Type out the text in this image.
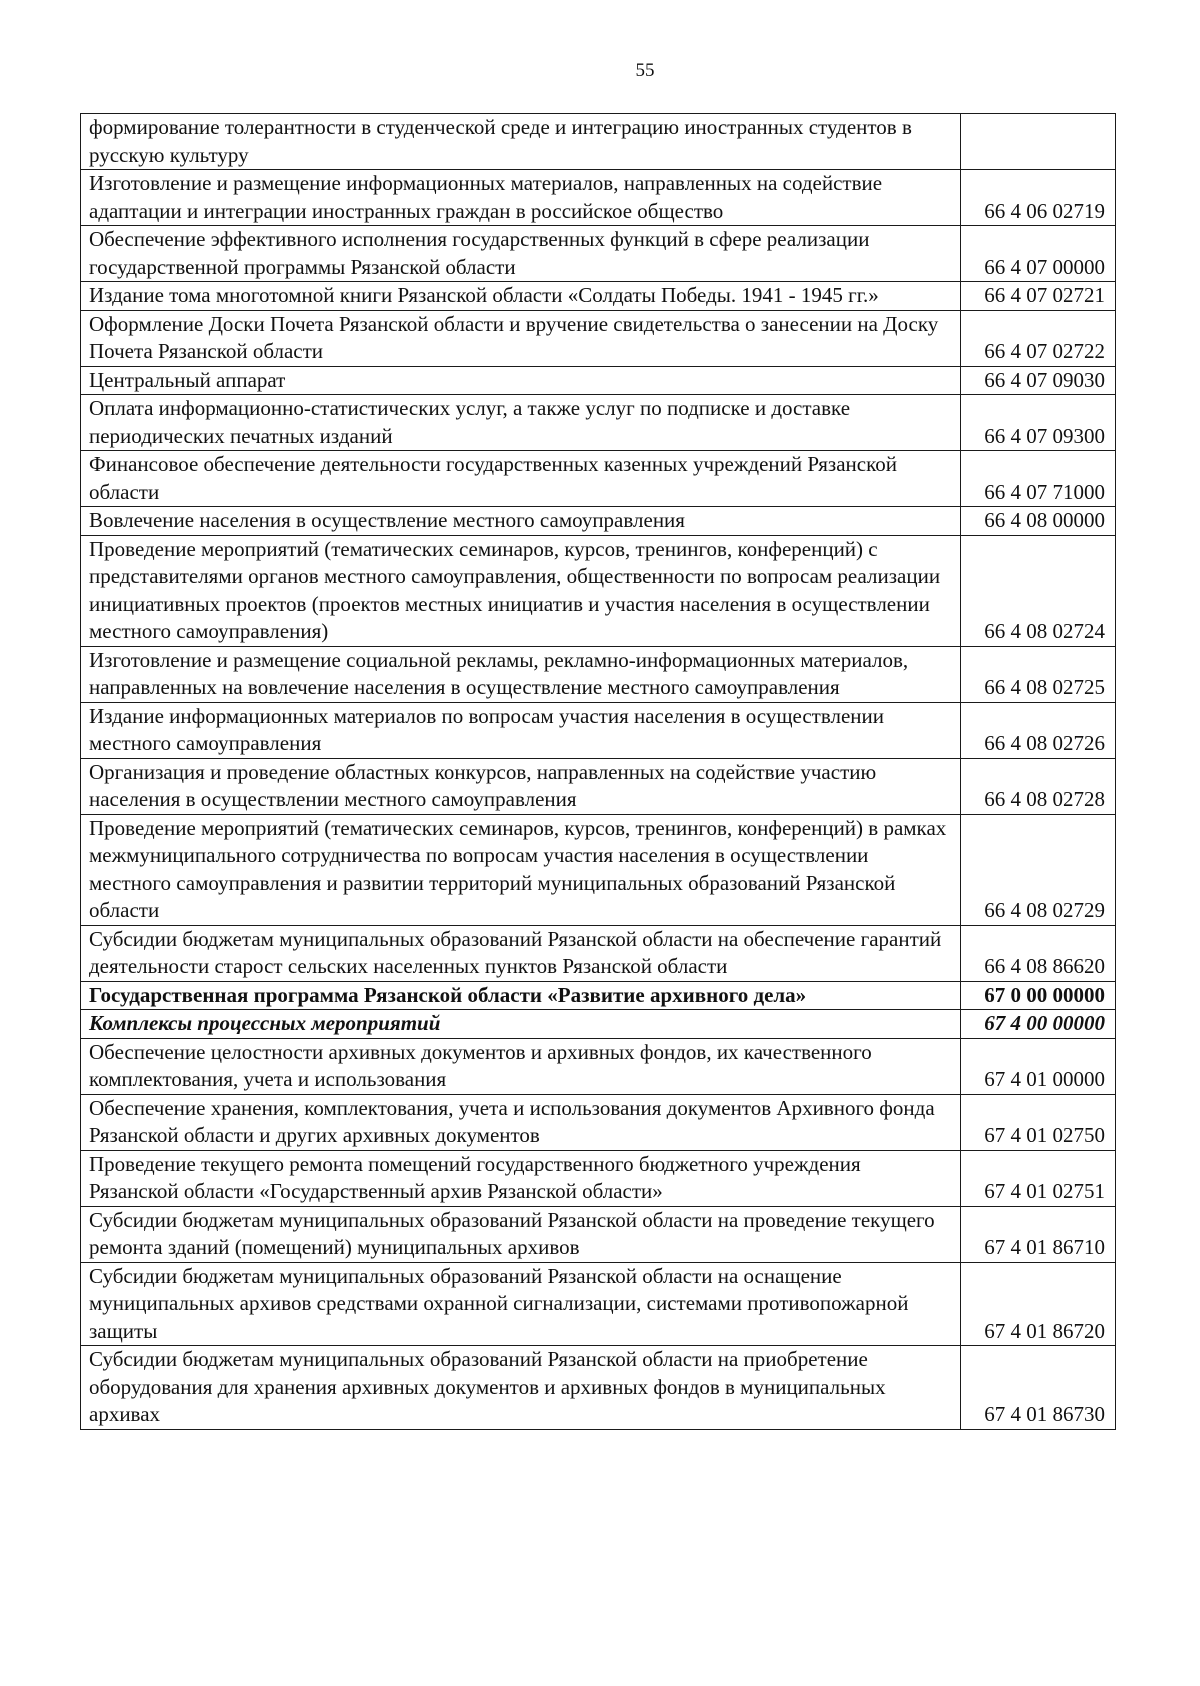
55
формирование толерантности в студенческой среде и интеграцию иностранных студентов в русскую культуру	
Изготовление и размещение информационных материалов, направленных на содействие адаптации и интеграции иностранных граждан в российское общество	66 4 06 02719
Обеспечение эффективного исполнения государственных функций в сфере реализации государственной программы Рязанской области	66 4 07 00000
Издание тома многотомной книги Рязанской области «Солдаты Победы. 1941 - 1945 гг.»	66 4 07 02721
Оформление Доски Почета Рязанской области и вручение свидетельства о занесении на Доску Почета Рязанской области	66 4 07 02722
Центральный аппарат	66 4 07 09030
Оплата информационно-статистических услуг, а также услуг по подписке и доставке периодических печатных изданий	66 4 07 09300
Финансовое обеспечение деятельности государственных казенных учреждений Рязанской области	66 4 07 71000
Вовлечение населения в осуществление местного самоуправления	66 4 08 00000
Проведение мероприятий (тематических семинаров, курсов, тренингов, конференций) с представителями органов местного самоуправления, общественности по вопросам реализации инициативных проектов (проектов местных инициатив и участия населения в осуществлении местного самоуправления)	66 4 08 02724
Изготовление и размещение социальной рекламы, рекламно-информационных материалов, направленных на вовлечение населения в осуществление местного самоуправления	66 4 08 02725
Издание информационных материалов по вопросам участия населения в осуществлении местного самоуправления	66 4 08 02726
Организация и проведение областных конкурсов, направленных на содействие участию населения в осуществлении местного самоуправления	66 4 08 02728
Проведение мероприятий (тематических семинаров, курсов, тренингов, конференций) в рамках межмуниципального сотрудничества по вопросам участия населения в осуществлении местного самоуправления и развитии территорий муниципальных образований Рязанской области	66 4 08 02729
Субсидии бюджетам муниципальных образований Рязанской области на обеспечение гарантий деятельности старост сельских населенных пунктов Рязанской области	66 4 08 86620
Государственная программа Рязанской области «Развитие архивного дела»	67 0 00 00000
Комплексы процессных мероприятий	67 4 00 00000
Обеспечение целостности архивных документов и архивных фондов, их качественного комплектования, учета и использования	67 4 01 00000
Обеспечение хранения, комплектования, учета и использования документов Архивного фонда Рязанской области и других архивных документов	67 4 01 02750
Проведение текущего ремонта помещений государственного бюджетного учреждения Рязанской области «Государственный архив Рязанской области»	67 4 01 02751
Субсидии бюджетам муниципальных образований Рязанской области на проведение текущего ремонта зданий (помещений) муниципальных архивов	67 4 01 86710
Субсидии бюджетам муниципальных образований Рязанской области на оснащение муниципальных архивов средствами охранной сигнализации, системами противопожарной защиты	67 4 01 86720
Субсидии бюджетам муниципальных образований Рязанской области на приобретение оборудования для хранения архивных документов и архивных фондов в муниципальных архивах	67 4 01 86730
